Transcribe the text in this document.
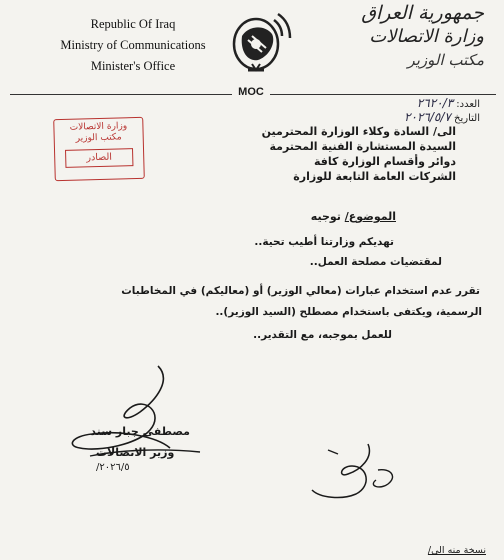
Republic Of Iraq
Ministry of Communications
Minister's Office
جمهورية العراق
وزارة الاتصالات
مكتب الوزير
MOC
العدد: ٢٦٢٠/٣
التاريخ ٢٠٢٦/٥/٧
وزارة الاتصالات
مكتب الوزير
الصادر
الى/ السادة وكلاء الوزارة المحترمين
السيدة المستشارة الفنية المحترمة
دوائر وأقسام الوزارة كافة
الشركات العامة التابعة للوزارة
الموضوع/ توجيه
تهديكم وزارتنا أطيب تحية..
لمقتضيات مصلحة العمل..
تقرر عدم استخدام عبارات (معالي الوزير) أو (معاليكم) في المخاطبات
الرسمية، ويكتفى باستخدام مصطلح (السيد الوزير)..
للعمل بموجبه، مع التقدير..
مصطفى جبار سند
وزير الاتصالات
٢٠٢٦/٥/
نسخة منه الى/
